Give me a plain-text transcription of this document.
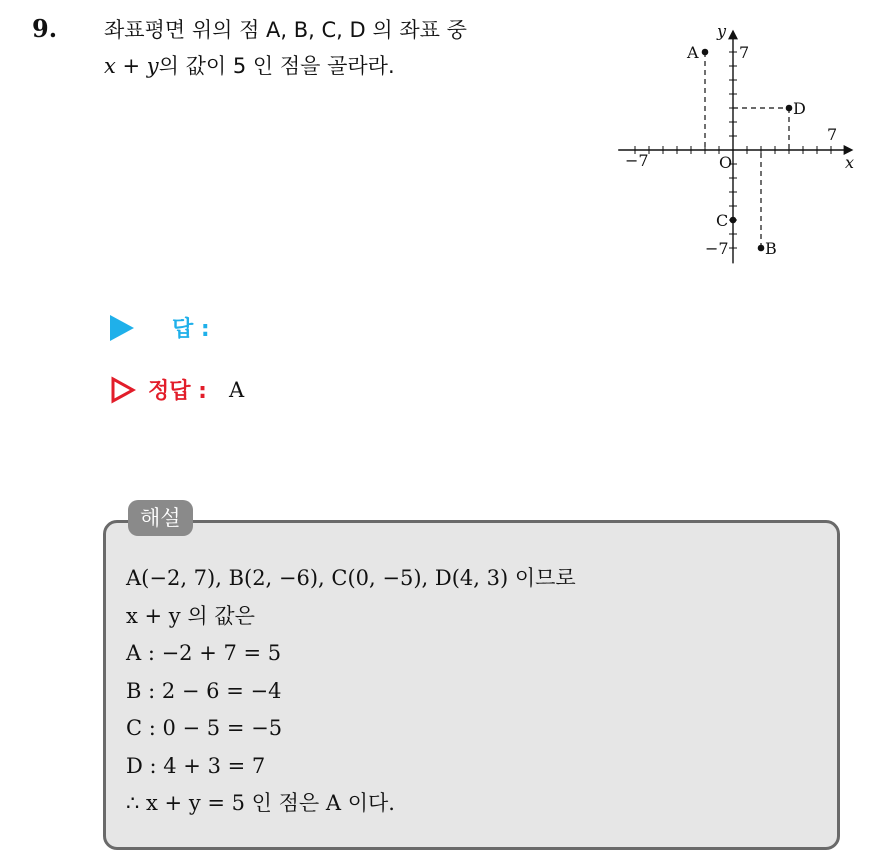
9. 좌표평면 위의 점 A, B, C, D 의 좌표 중
x + y의 값이 5 인 점을 골라라.
−7
7
7
−7
O	x
y
A
B
C
D
답 :
정답 : A
해설
A(−2, 7), B(2, −6), C(0, −5), D(4, 3) 이므로
x + y 의 값은
A : −2 + 7 = 5
B : 2 − 6 = −4
C : 0 − 5 = −5
D : 4 + 3 = 7
∴ x + y = 5 인 점은 A 이다.
